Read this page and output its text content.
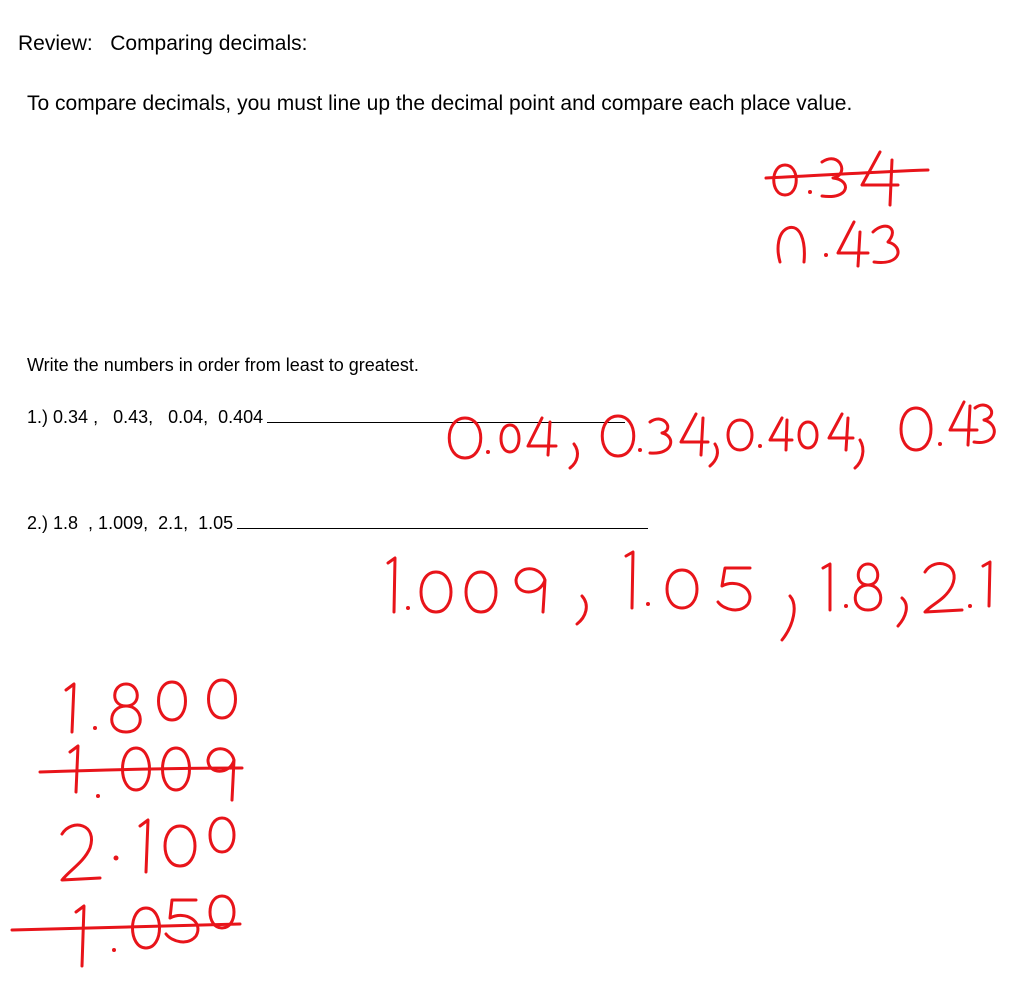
Review: Comparing decimals:
To compare decimals, you must line up the decimal point and compare each place value.
Write the numbers in order from least to greatest.
1.) 0.34 ,   0.43,   0.04,  0.404
2.) 1.8  , 1.009,  2.1,  1.05
